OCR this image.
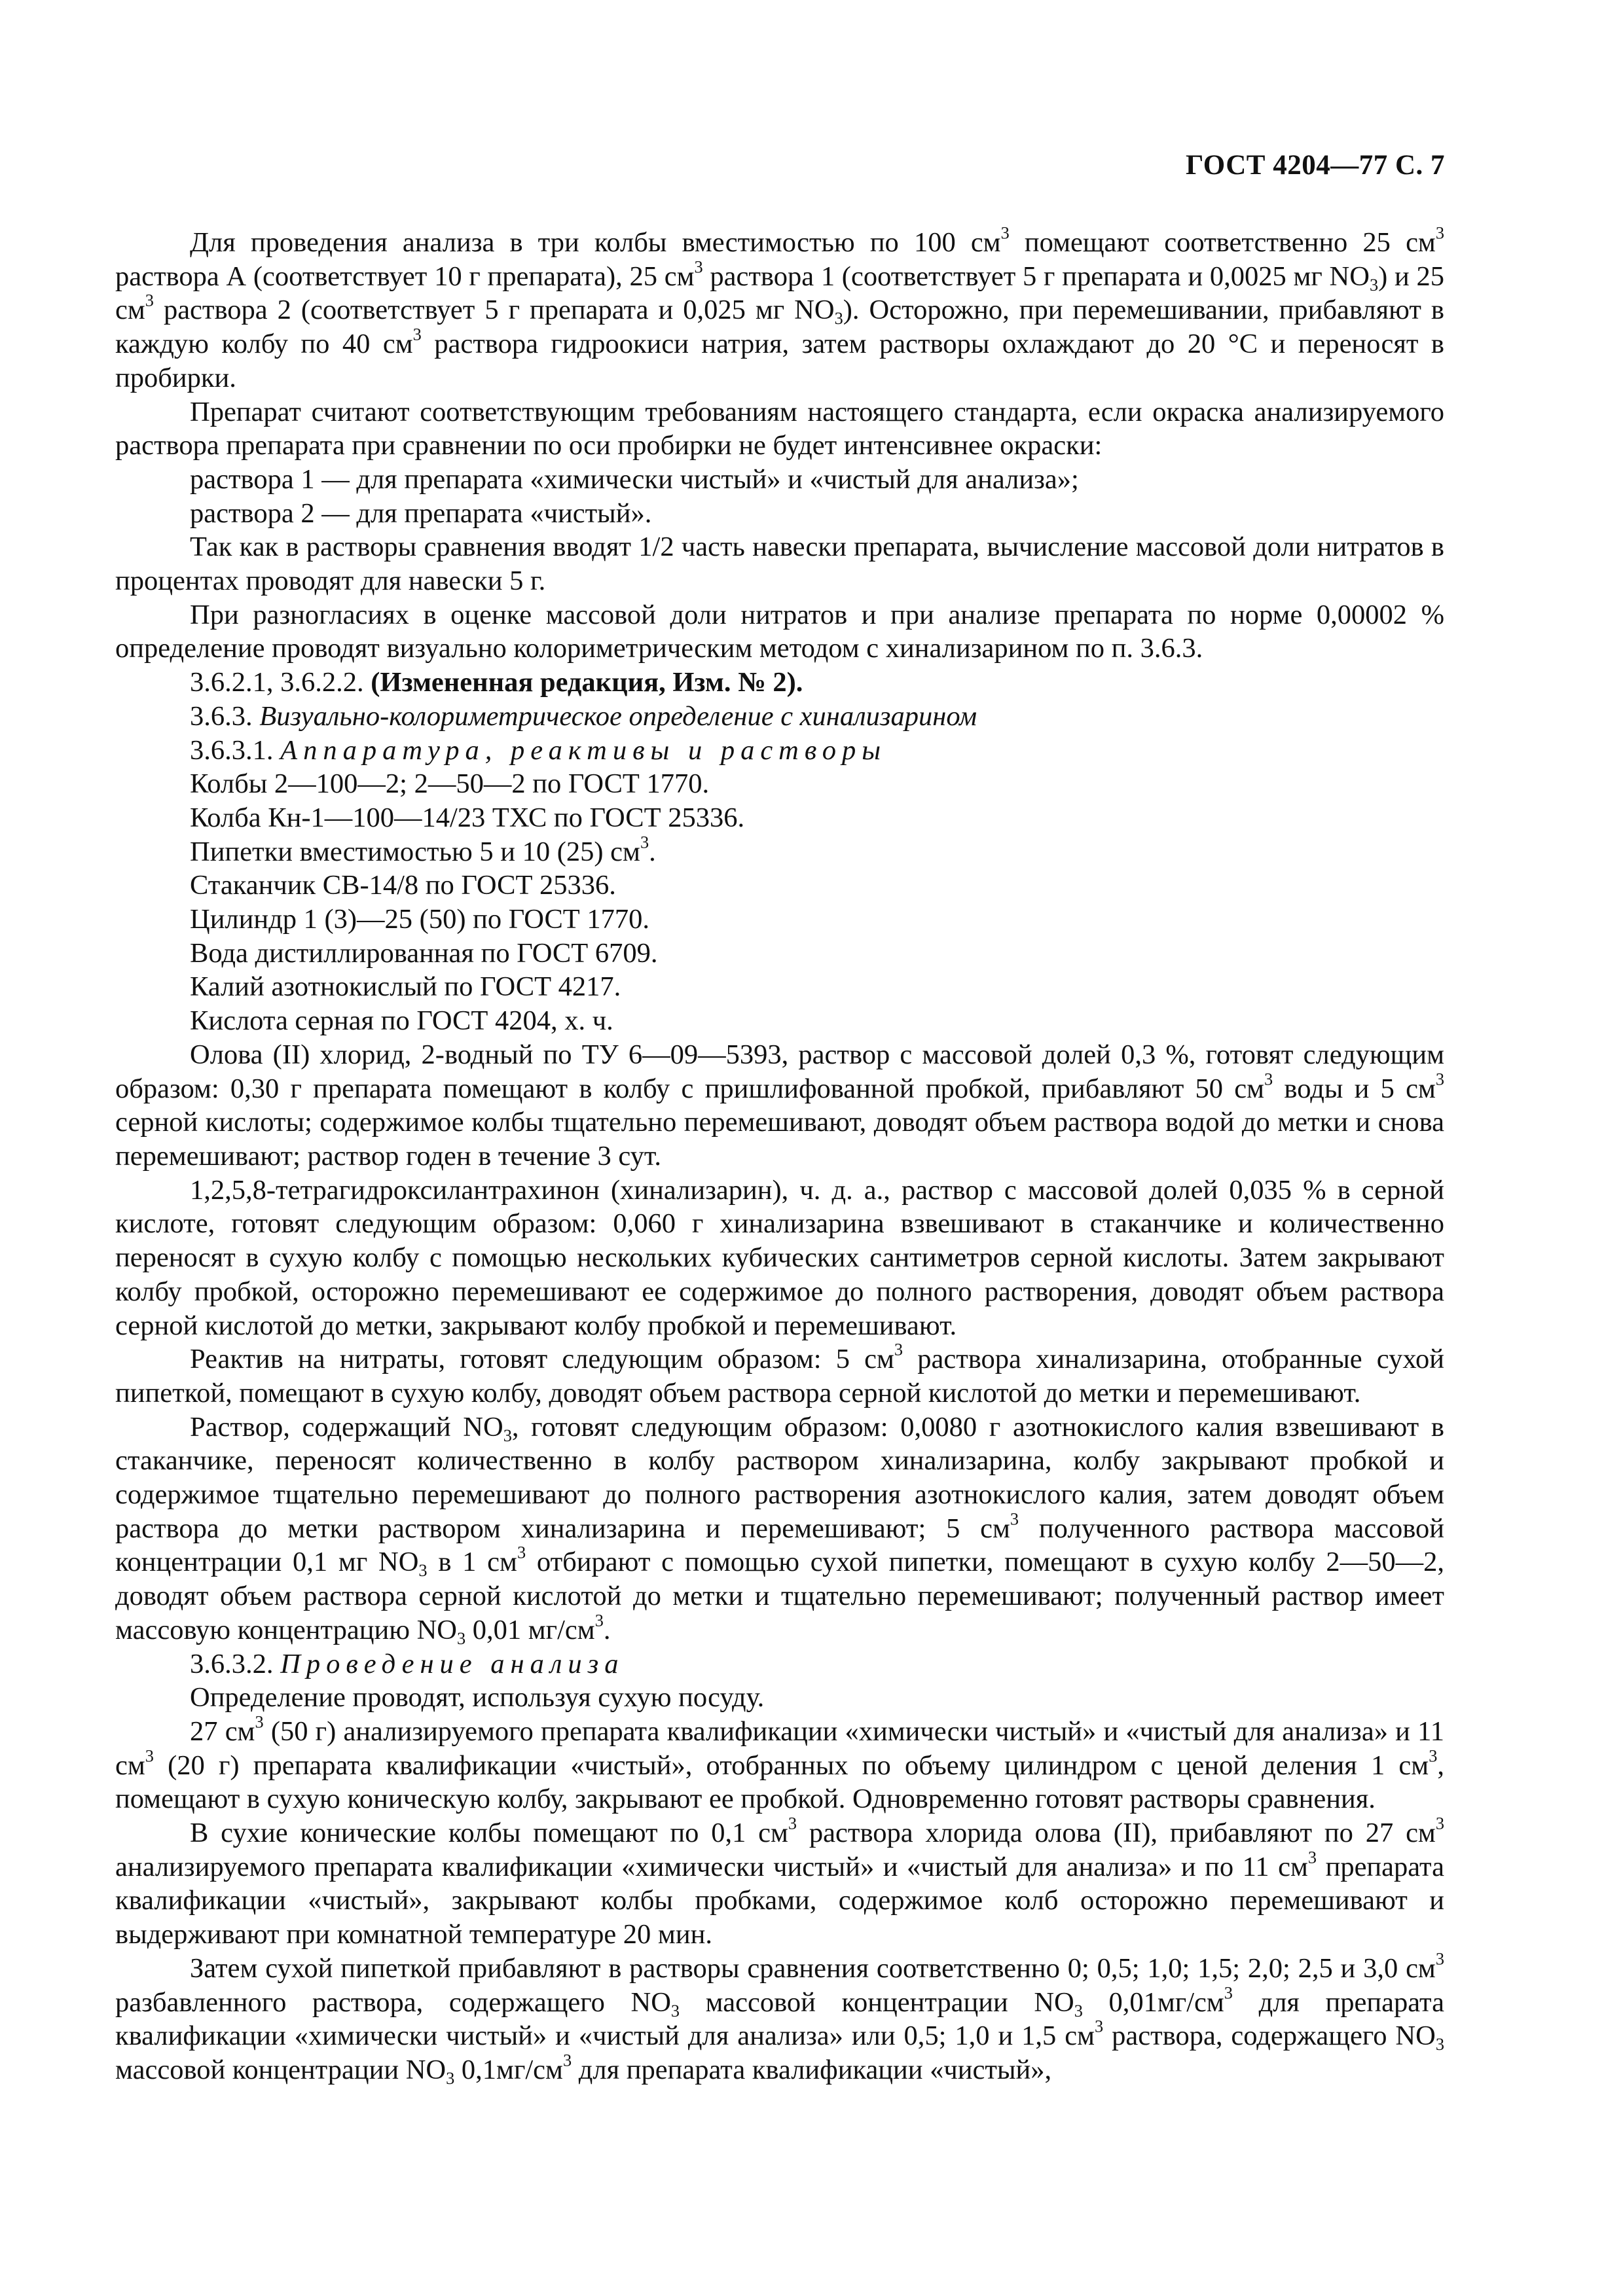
ГОСТ 4204—77 С. 7

Для проведения анализа в три колбы вместимостью по 100 $см^3$ помещают соответственно 25 $см^3$ раствора А (соответствует 10 г препарата), 25 $см^3$ раствора 1 (соответствует 5 г препарата и 0,0025 мг $NO_3$) и 25 $см^3$ раствора 2 (соответствует 5 г препарата и 0,025 мг $NO_3$). Осторожно, при перемешивании, прибавляют в каждую колбу по 40 $см^3$ раствора гидроокиси натрия, затем растворы охлаждают до 20 °С и переносят в пробирки.

Препарат считают соответствующим требованиям настоящего стандарта, если окраска анализируемого раствора препарата при сравнении по оси пробирки не будет интенсивнее окраски:

раствора 1 — для препарата «химически чистый» и «чистый для анализа»;

раствора 2 — для препарата «чистый».

Так как в растворы сравнения вводят 1/2 часть навески препарата, вычисление массовой доли нитратов в процентах проводят для навески 5 г.

При разногласиях в оценке массовой доли нитратов и при анализе препарата по норме 0,00002 % определение проводят визуально колориметрическим методом с хинализарином по п. 3.6.3.

3.6.2.1, 3.6.2.2. (Измененная редакция, Изм. № 2).

3.6.3. Визуально-колориметрическое определение с хинализарином

3.6.3.1. Аппаратура, реактивы и растворы

Колбы 2—100—2; 2—50—2 по ГОСТ 1770.

Колба Кн-1—100—14/23 ТХС по ГОСТ 25336.

Пипетки вместимостью 5 и 10 (25) $см^3$.

Стаканчик СВ-14/8 по ГОСТ 25336.

Цилиндр 1 (3)—25 (50) по ГОСТ 1770.

Вода дистиллированная по ГОСТ 6709.

Калий азотнокислый по ГОСТ 4217.

Кислота серная по ГОСТ 4204, х. ч.

Олова (II) хлорид, 2-водный по ТУ 6—09—5393, раствор с массовой долей 0,3 %, готовят следующим образом: 0,30 г препарата помещают в колбу с пришлифованной пробкой, прибавляют 50 $см^3$ воды и 5 $см^3$ серной кислоты; содержимое колбы тщательно перемешивают, доводят объем раствора водой до метки и снова перемешивают; раствор годен в течение 3 сут.

1,2,5,8-тетрагидроксилантрахинон (хинализарин), ч. д. а., раствор с массовой долей 0,035 % в серной кислоте, готовят следующим образом: 0,060 г хинализарина взвешивают в стаканчике и количественно переносят в сухую колбу с помощью нескольких кубических сантиметров серной кислоты. Затем закрывают колбу пробкой, осторожно перемешивают ее содержимое до полного растворения, доводят объем раствора серной кислотой до метки, закрывают колбу пробкой и перемешивают.

Реактив на нитраты, готовят следующим образом: 5 $см^3$ раствора хинализарина, отобранные сухой пипеткой, помещают в сухую колбу, доводят объем раствора серной кислотой до метки и перемешивают.

Раствор, содержащий $NO_3$, готовят следующим образом: 0,0080 г азотнокислого калия взвешивают в стаканчике, переносят количественно в колбу раствором хинализарина, колбу закрывают пробкой и содержимое тщательно перемешивают до полного растворения азотнокислого калия, затем доводят объем раствора до метки раствором хинализарина и перемешивают; 5 $см^3$ полученного раствора массовой концентрации 0,1 мг $NO_3$ в 1 $см^3$ отбирают с помощью сухой пипетки, помещают в сухую колбу 2—50—2, доводят объем раствора серной кислотой до метки и тщательно перемешивают; полученный раствор имеет массовую концентрацию $NO_3$ 0,01 $мг/см^3$.

3.6.3.2. Проведение анализа

Определение проводят, используя сухую посуду.

27 $см^3$ (50 г) анализируемого препарата квалификации «химически чистый» и «чистый для анализа» и 11 $см^3$ (20 г) препарата квалификации «чистый», отобранных по объему цилиндром с ценой деления 1 $см^3$, помещают в сухую коническую колбу, закрывают ее пробкой. Одновременно готовят растворы сравнения.

В сухие конические колбы помещают по 0,1 $см^3$ раствора хлорида олова (II), прибавляют по 27 $см^3$ анализируемого препарата квалификации «химически чистый» и «чистый для анализа» и по 11 $см^3$ препарата квалификации «чистый», закрывают колбы пробками, содержимое колб осторожно перемешивают и выдерживают при комнатной температуре 20 мин.

Затем сухой пипеткой прибавляют в растворы сравнения соответственно 0; 0,5; 1,0; 1,5; 2,0; 2,5 и 3,0 $см^3$ разбавленного раствора, содержащего $NO_3$ массовой концентрации $NO_3$ $0,01мг/см^3$ для препарата квалификации «химически чистый» и «чистый для анализа» или 0,5; 1,0 и 1,5 $см^3$ раствора, содержащего $NO_3$ массовой концентрации $NO_3$ $0,1мг/см^3$ для препарата квалификации «чистый»,
